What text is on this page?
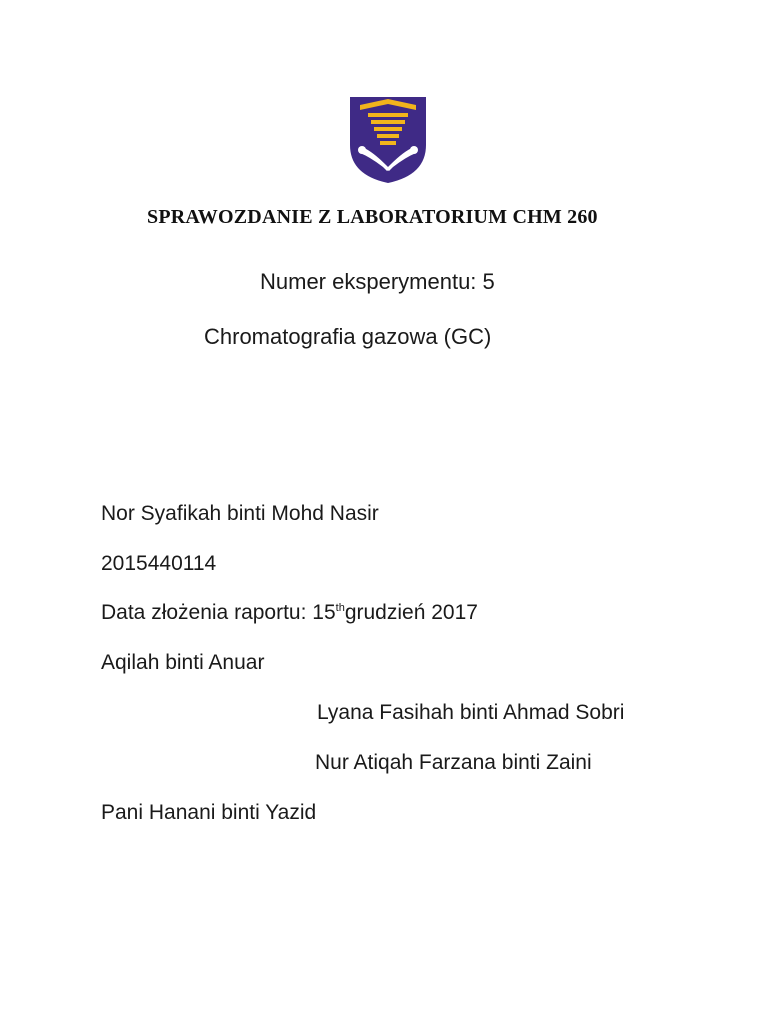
SPRAWOZDANIE Z LABORATORIUM CHM 260
Numer eksperymentu: 5
Chromatografia gazowa (GC)
Nor Syafikah binti Mohd Nasir
2015440114
Data złożenia raportu: 15thgrudzień 2017
Aqilah binti Anuar
Lyana Fasihah binti Ahmad Sobri
Nur Atiqah Farzana binti Zaini
Pani Hanani binti Yazid
